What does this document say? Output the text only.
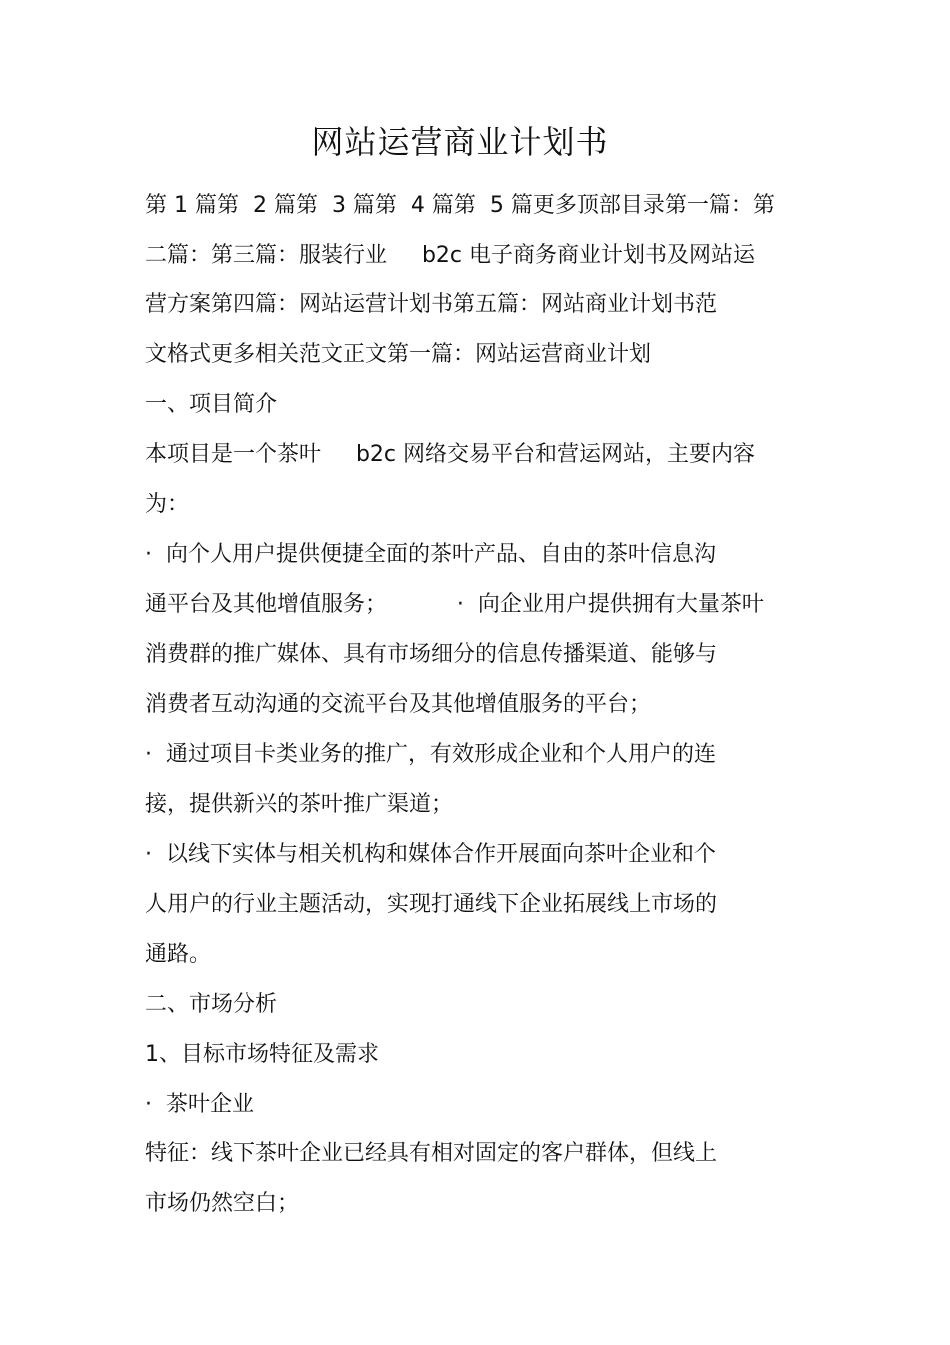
网站运营商业计划书
第 1 篇第  2 篇第  3 篇第  4 篇第  5 篇更多顶部目录第一篇：第
二篇：第三篇：服装行业     b2c 电子商务商业计划书及网站运
营方案第四篇：网站运营计划书第五篇：网站商业计划书范
文格式更多相关范文正文第一篇：网站运营商业计划
一、项目简介
本项目是一个茶叶     b2c 网络交易平台和营运网站，主要内容
为：
·  向个人用户提供便捷全面的茶叶产品、自由的茶叶信息沟
通平台及其他增值服务；          ·  向企业用户提供拥有大量茶叶
消费群的推广媒体、具有市场细分的信息传播渠道、能够与
消费者互动沟通的交流平台及其他增值服务的平台；
·  通过项目卡类业务的推广，有效形成企业和个人用户的连
接，提供新兴的茶叶推广渠道；
·  以线下实体与相关机构和媒体合作开展面向茶叶企业和个
人用户的行业主题活动，实现打通线下企业拓展线上市场的
通路。
二、市场分析
1、目标市场特征及需求
·  茶叶企业
特征：线下茶叶企业已经具有相对固定的客户群体，但线上
市场仍然空白；
